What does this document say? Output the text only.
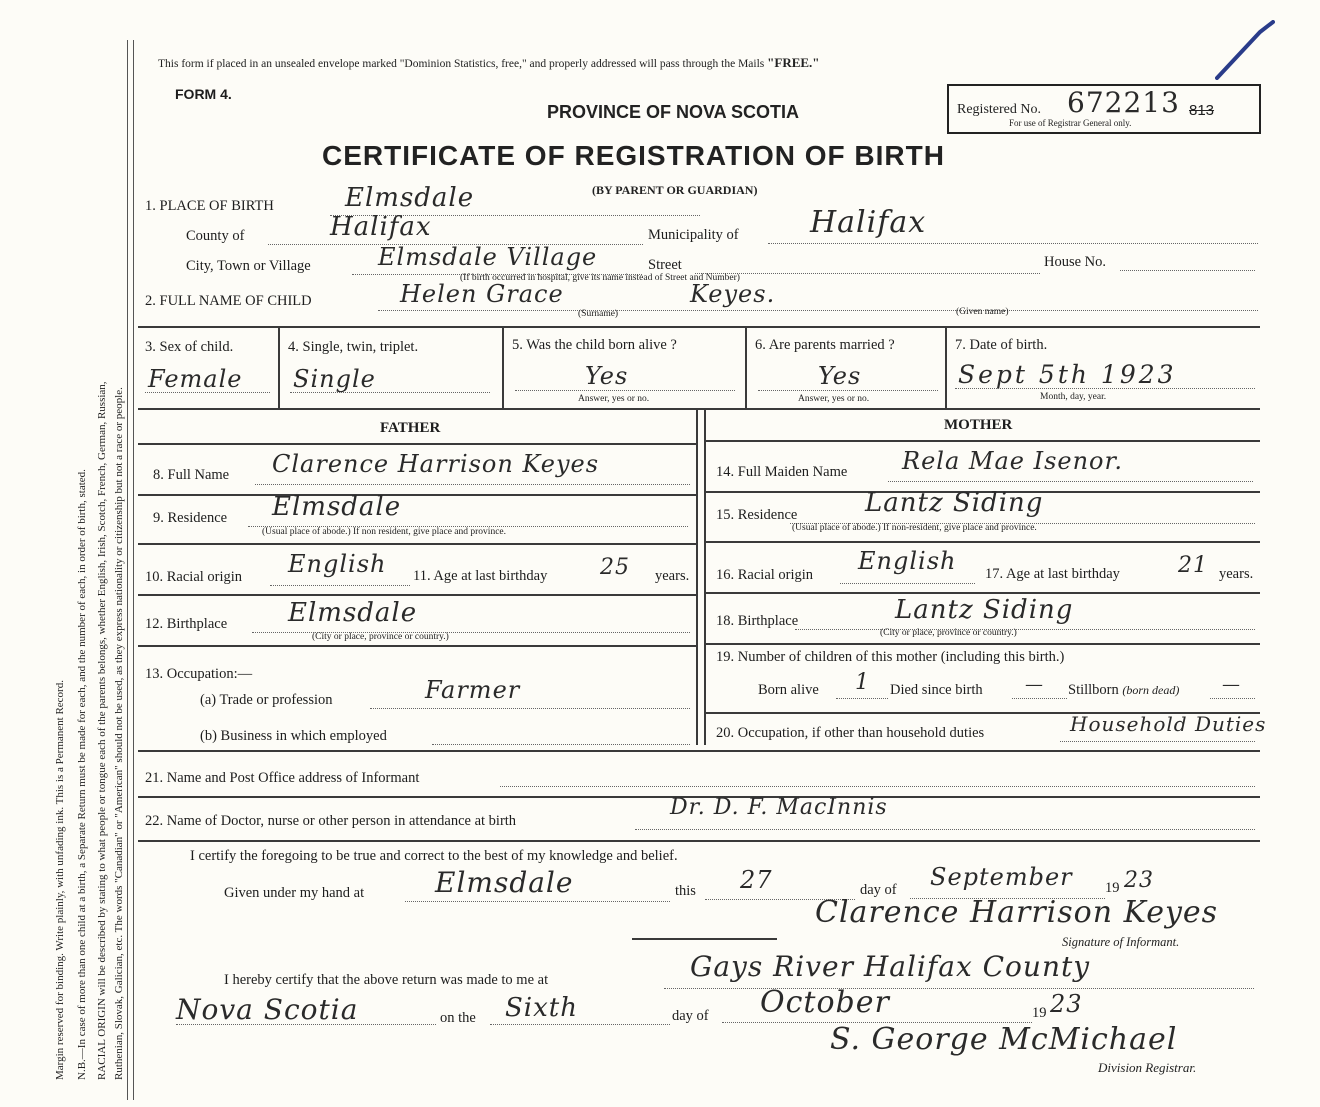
Margin reserved for binding. Write plainly, with unfading ink. This is a Permanent Record. N.B.—In case of more than one child at a birth, a Separate Return must be made for each, and the number of each, in order of birth, stated. RACIAL ORIGIN will be described by stating to what people or tongue each of the parents belongs, whether English, Irish, Scotch, French, German, Russian, Ruthenian, Slovak, Galician, etc. The words "Canadian" or "American" should not be used, as they express nationality or citizenship but not a race or people.
This form if placed in an unsealed envelope marked "Dominion Statistics, free," and properly addressed will pass through the Mails "FREE."
FORM 4.
PROVINCE OF NOVA SCOTIA
CERTIFICATE OF REGISTRATION OF BIRTH
(BY PARENT OR GUARDIAN)
Registered No. 672213 813
For use of Registrar General only.
1. PLACE OF BIRTH	Elmsdale
County of	Halifax	Municipality of Halifax
City, Town or Village	Elmsdale Village	Street	House No.
(If birth occurred in hospital, give its name instead of Street and Number)
2. FULL NAME OF CHILD	Helen Grace	Keyes.
(Surname)	(Given name)
3. Sex of child.
Female
4. Single, twin, triplet.
Single
5. Was the child born alive ?
Yes
Answer, yes or no.
6. Are parents married ?
Yes
Answer, yes or no.
7. Date of birth.
Sept 5th 1923
Month, day, year.
FATHER	MOTHER
8. Full Name Clarence Harrison Keyes	14. Full Maiden Name Rela Mae Isenor.
9. Residence Elmsdale
(Usual place of abode.) If non resident, give place and province.
15. Residence	Lantz Siding
(Usual place of abode.) If non-resident, give place and province.
10. Racial origin English 11. Age at last birthday 25 years. 16. Racial origin English 17. Age at last birthday	21 years.
12. Birthplace Elmsdale
(City or place, province or country.)
18. Birthplace	Lantz Siding
(City or place, province or country.)
13. Occupation:—
(a) Trade or profession	Farmer
19. Number of children of this mother (including this birth.)
Born alive 1 Died since birth — Stillborn (born dead) —
(b) Business in which employed	20. Occupation, if other than household duties	Household Duties
21. Name and Post Office address of Informant
22. Name of Doctor, nurse or other person in attendance at birth
Dr. D. F. MacInnis
I certify the foregoing to be true and correct to the best of my knowledge and belief.
Given under my hand at	Elmsdale	this 27	day of September 19 23
Clarence Harrison Keyes
Signature of Informant.
I hereby certify that the above return was made to me at	Gays River Halifax County
Nova Scotia	on the Sixth	day of October	19 23
S. George McMichael
Division Registrar.
